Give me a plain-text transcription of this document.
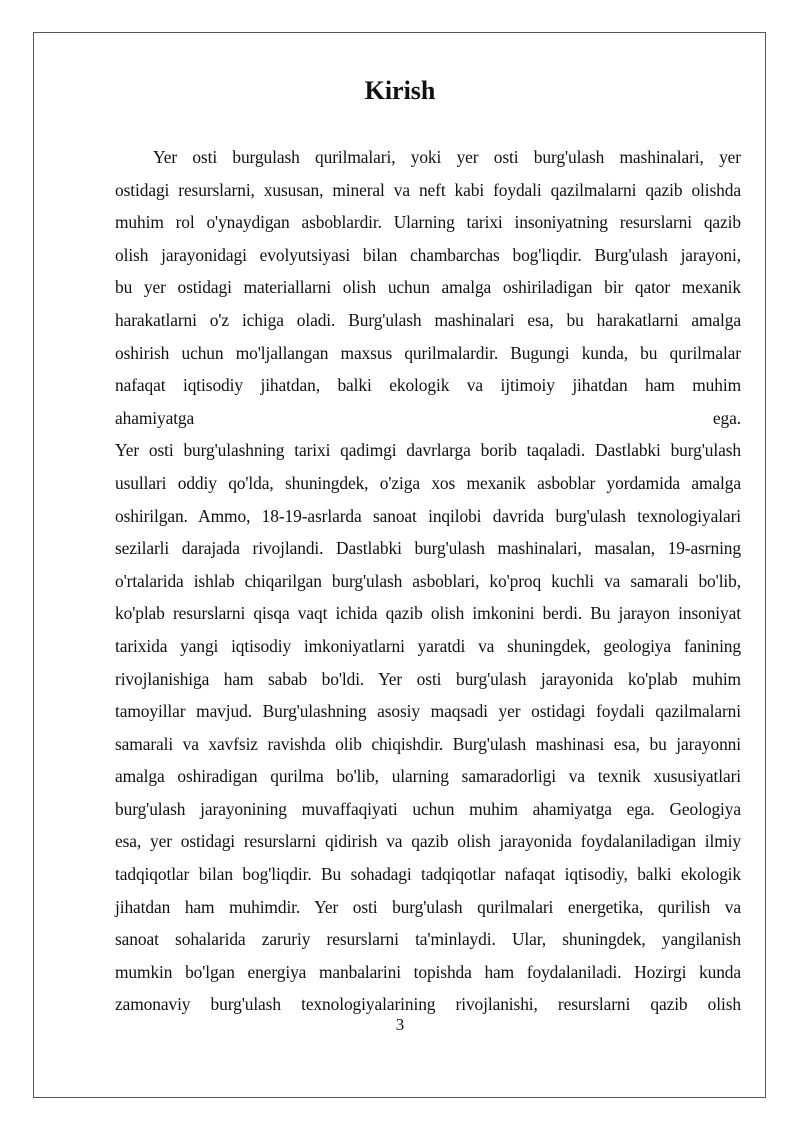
Kirish
Yer osti burgulash qurilmalari, yoki yer osti burg'ulash mashinalari, yer
ostidagi resurslarni, xususan, mineral va neft kabi foydali qazilmalarni qazib olishda
muhim rol o'ynaydigan asboblardir. Ularning tarixi insoniyatning resurslarni qazib
olish jarayonidagi evolyutsiyasi bilan chambarchas bog'liqdir. Burg'ulash jarayoni,
bu yer ostidagi materiallarni olish uchun amalga oshiriladigan bir qator mexanik
harakatlarni o'z ichiga oladi. Burg'ulash mashinalari esa, bu harakatlarni amalga
oshirish uchun mo'ljallangan maxsus qurilmalardir. Bugungi kunda, bu qurilmalar
nafaqat iqtisodiy jihatdan, balki ekologik va ijtimoiy jihatdan ham muhim
ahamiyatga ega.
Yer osti burg'ulashning tarixi qadimgi davrlarga borib taqaladi. Dastlabki burg'ulash
usullari oddiy qo'lda, shuningdek, o'ziga xos mexanik asboblar yordamida amalga
oshirilgan. Ammo, 18-19-asrlarda sanoat inqilobi davrida burg'ulash texnologiyalari
sezilarli darajada rivojlandi. Dastlabki burg'ulash mashinalari, masalan, 19-asrning
o'rtalarida ishlab chiqarilgan burg'ulash asboblari, ko'proq kuchli va samarali bo'lib,
ko'plab resurslarni qisqa vaqt ichida qazib olish imkonini berdi. Bu jarayon insoniyat
tarixida yangi iqtisodiy imkoniyatlarni yaratdi va shuningdek, geologiya fanining
rivojlanishiga ham sabab bo'ldi. Yer osti burg'ulash jarayonida ko'plab muhim
tamoyillar mavjud. Burg'ulashning asosiy maqsadi yer ostidagi foydali qazilmalarni
samarali va xavfsiz ravishda olib chiqishdir. Burg'ulash mashinasi esa, bu jarayonni
amalga oshiradigan qurilma bo'lib, ularning samaradorligi va texnik xususiyatlari
burg'ulash jarayonining muvaffaqiyati uchun muhim ahamiyatga ega. Geologiya
esa, yer ostidagi resurslarni qidirish va qazib olish jarayonida foydalaniladigan ilmiy
tadqiqotlar bilan bog'liqdir. Bu sohadagi tadqiqotlar nafaqat iqtisodiy, balki ekologik
jihatdan ham muhimdir. Yer osti burg'ulash qurilmalari energetika, qurilish va
sanoat sohalarida zaruriy resurslarni ta'minlaydi. Ular, shuningdek, yangilanish
mumkin bo'lgan energiya manbalarini topishda ham foydalaniladi. Hozirgi kunda
zamonaviy burg'ulash texnologiyalarining rivojlanishi, resurslarni qazib olish
3
